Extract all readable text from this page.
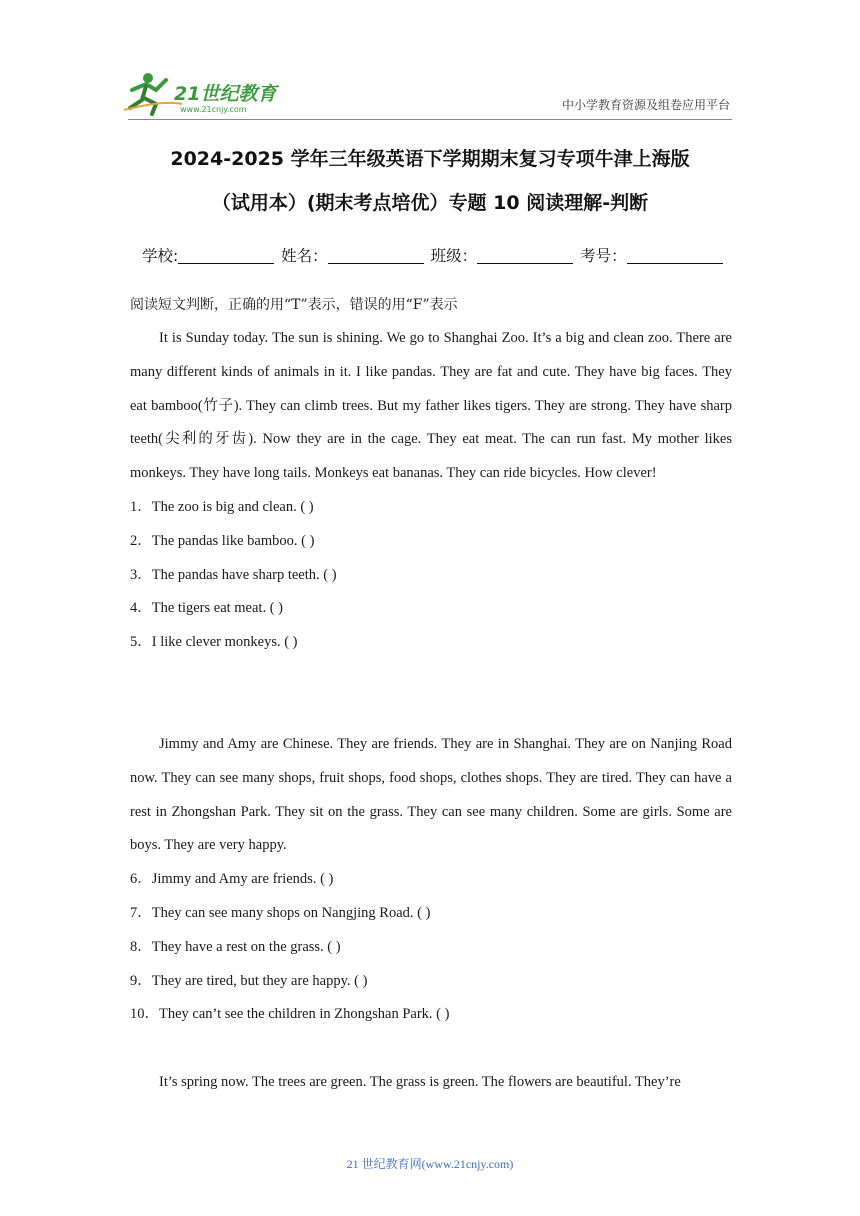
21世纪教育
www.21cnjy.com	中小学教育资源及组卷应用平台
2024-2025 学年三年级英语下学期期末复习专项牛津上海版
（试用本）(期末考点培优）专题 10 阅读理解-判断
学校:	姓名：	班级：	考号：
阅读短文判断，正确的用“T”表示，错误的用“F”表示

It is Sunday today. The sun is shining. We go to Shanghai Zoo. It’s a big and clean zoo. There are many different kinds of animals in it. I like pandas. They are fat and cute. They have big faces. They eat bamboo(竹子). They can climb trees. But my father likes tigers. They are strong. They have sharp teeth(尖利的牙齿). Now they are in the cage. They eat meat. The can run fast. My mother likes monkeys. They have long tails. Monkeys eat bananas. They can ride bicycles. How clever!

1．The zoo is big and clean. ( )

2．The pandas like bamboo. ( )

3．The pandas have sharp teeth. ( )

4．The tigers eat meat. ( )

5．I like clever monkeys. ( )

Jimmy and Amy are Chinese. They are friends. They are in Shanghai. They are on Nanjing Road now. They can see many shops, fruit shops, food shops, clothes shops. They are tired. They can have a rest in Zhongshan Park. They sit on the grass. They can see many children. Some are girls. Some are boys. They are very happy.

6．Jimmy and Amy are friends. ( )

7．They can see many shops on Nangjing Road. ( )

8．They have a rest on the grass. ( )

9．They are tired, but they are happy. ( )

10．They can’t see the children in Zhongshan Park. ( )

It’s spring now. The trees are green. The grass is green. The flowers are beautiful. They’re

21 世纪教育网(www.21cnjy.com)
